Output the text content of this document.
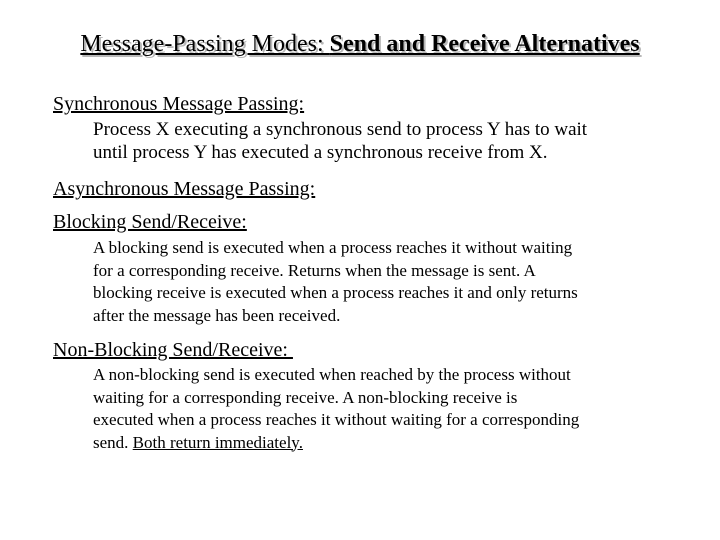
Message-Passing Modes: Send and Receive Alternatives
Synchronous Message Passing:
Process X executing a synchronous send to process Y has to wait
until process Y has executed a synchronous receive from X.
Asynchronous Message Passing:
Blocking Send/Receive:
A blocking send is executed when a process reaches it without waiting
for a corresponding receive. Returns when the message is sent. A
blocking receive is executed when a process reaches it and only returns
after the message has been received.
Non-Blocking Send/Receive:
A non-blocking send is executed when reached by the process without
waiting for a corresponding receive. A non-blocking receive is
executed when a process reaches it without waiting for a corresponding
send. Both return immediately.
